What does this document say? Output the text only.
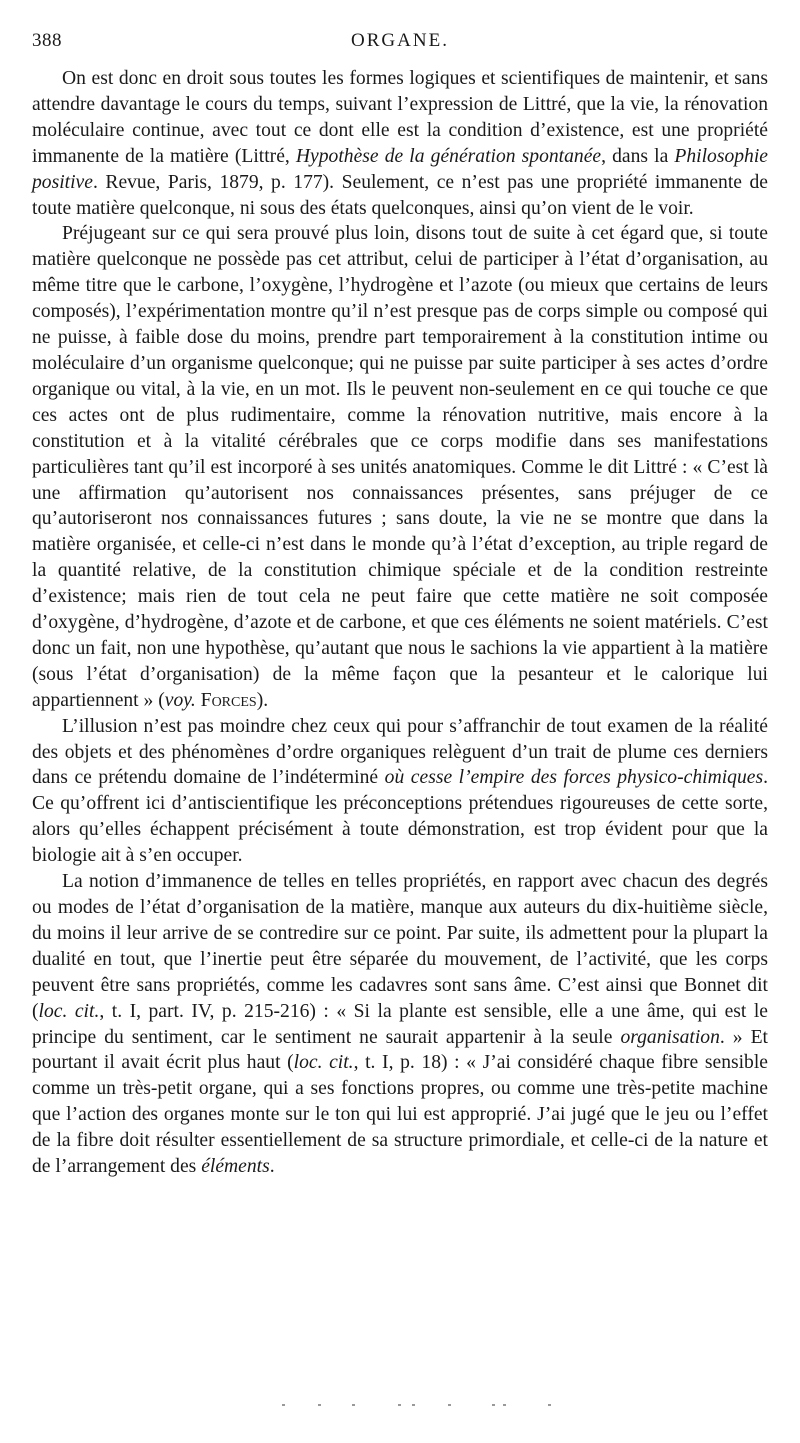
388	ORGANE.

On est donc en droit sous toutes les formes logiques et scientifiques de maintenir, et sans attendre davantage le cours du temps, suivant l’expression de Littré, que la vie, la rénovation moléculaire continue, avec tout ce dont elle est la condition d’existence, est une propriété immanente de la matière (Littré, Hypothèse de la génération spontanée, dans la Philosophie positive. Revue, Paris, 1879, p. 177). Seulement, ce n’est pas une propriété immanente de toute matière quelconque, ni sous des états quelconques, ainsi qu’on vient de le voir.

Préjugeant sur ce qui sera prouvé plus loin, disons tout de suite à cet égard que, si toute matière quelconque ne possède pas cet attribut, celui de participer à l’état d’organisation, au même titre que le carbone, l’oxygène, l’hydrogène et l’azote (ou mieux que certains de leurs composés), l’expérimentation montre qu’il n’est presque pas de corps simple ou composé qui ne puisse, à faible dose du moins, prendre part temporairement à la constitution intime ou moléculaire d’un organisme quelconque; qui ne puisse par suite participer à ses actes d’ordre organique ou vital, à la vie, en un mot. Ils le peuvent non-seulement en ce qui touche ce que ces actes ont de plus rudimentaire, comme la rénovation nutritive, mais encore à la constitution et à la vitalité cérébrales que ce corps modifie dans ses manifestations particulières tant qu’il est incorporé à ses unités anatomiques. Comme le dit Littré : « C’est là une affirmation qu’autorisent nos connaissances présentes, sans préjuger de ce qu’autoriseront nos connaissances futures ; sans doute, la vie ne se montre que dans la matière organisée, et celle-ci n’est dans le monde qu’à l’état d’exception, au triple regard de la quantité relative, de la constitution chimique spéciale et de la condition restreinte d’existence; mais rien de tout cela ne peut faire que cette matière ne soit composée d’oxygène, d’hydrogène, d’azote et de carbone, et que ces éléments ne soient matériels. C’est donc un fait, non une hypothèse, qu’autant que nous le sachions la vie appartient à la matière (sous l’état d’organisation) de la même façon que la pesanteur et le calorique lui appartiennent » (voy. Forces).

L’illusion n’est pas moindre chez ceux qui pour s’affranchir de tout examen de la réalité des objets et des phénomènes d’ordre organiques relèguent d’un trait de plume ces derniers dans ce prétendu domaine de l’indéterminé où cesse l’empire des forces physico-chimiques. Ce qu’offrent ici d’antiscientifique les préconceptions prétendues rigoureuses de cette sorte, alors qu’elles échappent précisément à toute démonstration, est trop évident pour que la biologie ait à s’en occuper.

La notion d’immanence de telles en telles propriétés, en rapport avec chacun des degrés ou modes de l’état d’organisation de la matière, manque aux auteurs du dix-huitième siècle, du moins il leur arrive de se contredire sur ce point. Par suite, ils admettent pour la plupart la dualité en tout, que l’inertie peut être séparée du mouvement, de l’activité, que les corps peuvent être sans propriétés, comme les cadavres sont sans âme. C’est ainsi que Bonnet dit (loc. cit., t. I, part. IV, p. 215-216) : « Si la plante est sensible, elle a une âme, qui est le principe du sentiment, car le sentiment ne saurait appartenir à la seule organisation. » Et pourtant il avait écrit plus haut (loc. cit., t. I, p. 18) : « J’ai considéré chaque fibre sensible comme un très-petit organe, qui a ses fonctions propres, ou comme une très-petite machine que l’action des organes monte sur le ton qui lui est approprié. J’ai jugé que le jeu ou l’effet de la fibre doit résulter essentiellement de sa structure primordiale, et celle-ci de la nature et de l’arrangement des éléments.
